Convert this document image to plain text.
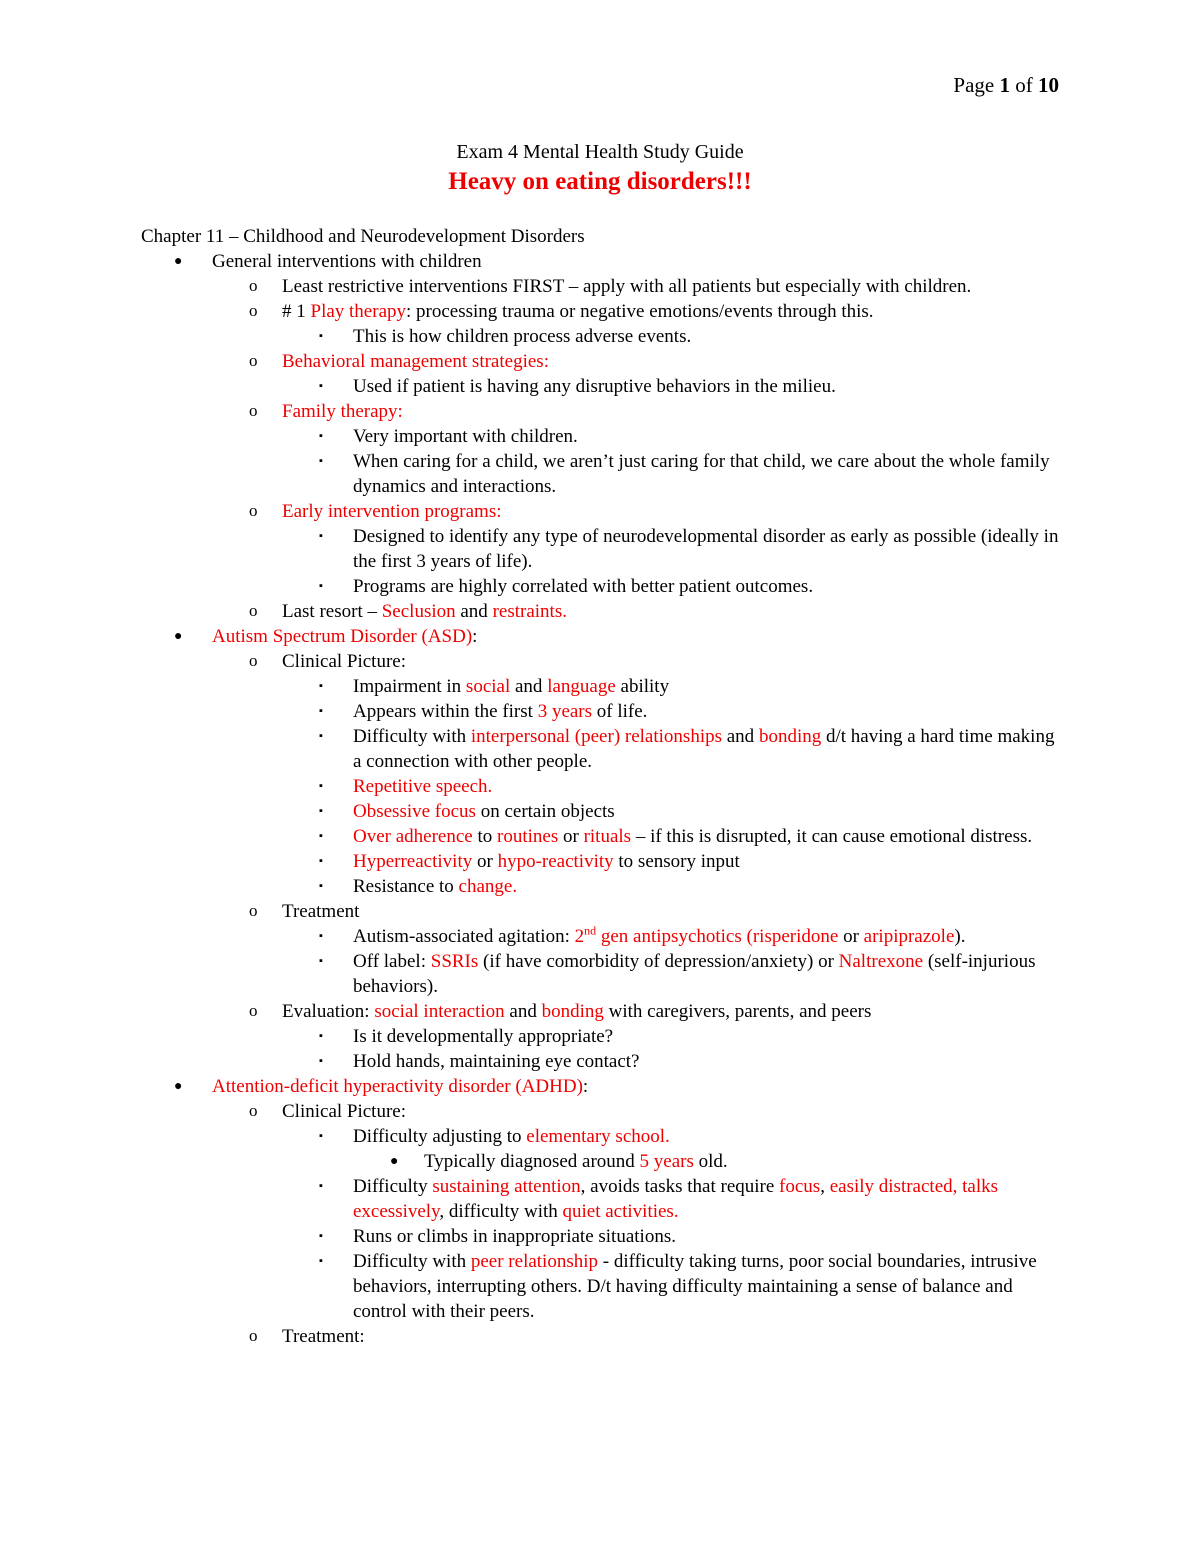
Page 1 of 10
Exam 4 Mental Health Study Guide
Heavy on eating disorders!!!
Chapter 11 – Childhood and Neurodevelopment Disorders
● General interventions with children
o Least restrictive interventions FIRST – apply with all patients but especially with children.
o # 1 Play therapy: processing trauma or negative emotions/events through this.
▪ This is how children process adverse events.
o Behavioral management strategies:
▪ Used if patient is having any disruptive behaviors in the milieu.
o Family therapy:
▪ Very important with children.
▪ When caring for a child, we aren’t just caring for that child, we care about the whole family dynamics and interactions.
o Early intervention programs:
▪ Designed to identify any type of neurodevelopmental disorder as early as possible (ideally in the first 3 years of life).
▪ Programs are highly correlated with better patient outcomes.
o Last resort – Seclusion and restraints.
● Autism Spectrum Disorder (ASD):
o Clinical Picture:
▪ Impairment in social and language ability
▪ Appears within the first 3 years of life.
▪ Difficulty with interpersonal (peer) relationships and bonding d/t having a hard time making a connection with other people.
▪ Repetitive speech.
▪ Obsessive focus on certain objects
▪ Over adherence to routines or rituals – if this is disrupted, it can cause emotional distress.
▪ Hyperreactivity or hypo-reactivity to sensory input
▪ Resistance to change.
o Treatment
▪ Autism-associated agitation: 2nd gen antipsychotics (risperidone or aripiprazole).
▪ Off label: SSRIs (if have comorbidity of depression/anxiety) or Naltrexone (self-injurious behaviors).
o Evaluation: social interaction and bonding with caregivers, parents, and peers
▪ Is it developmentally appropriate?
▪ Hold hands, maintaining eye contact?
● Attention-deficit hyperactivity disorder (ADHD):
o Clinical Picture:
▪ Difficulty adjusting to elementary school.
● Typically diagnosed around 5 years old.
▪ Difficulty sustaining attention, avoids tasks that require focus, easily distracted, talks excessively, difficulty with quiet activities.
▪ Runs or climbs in inappropriate situations.
▪ Difficulty with peer relationship - difficulty taking turns, poor social boundaries, intrusive behaviors, interrupting others. D/t having difficulty maintaining a sense of balance and control with their peers.
o Treatment:
